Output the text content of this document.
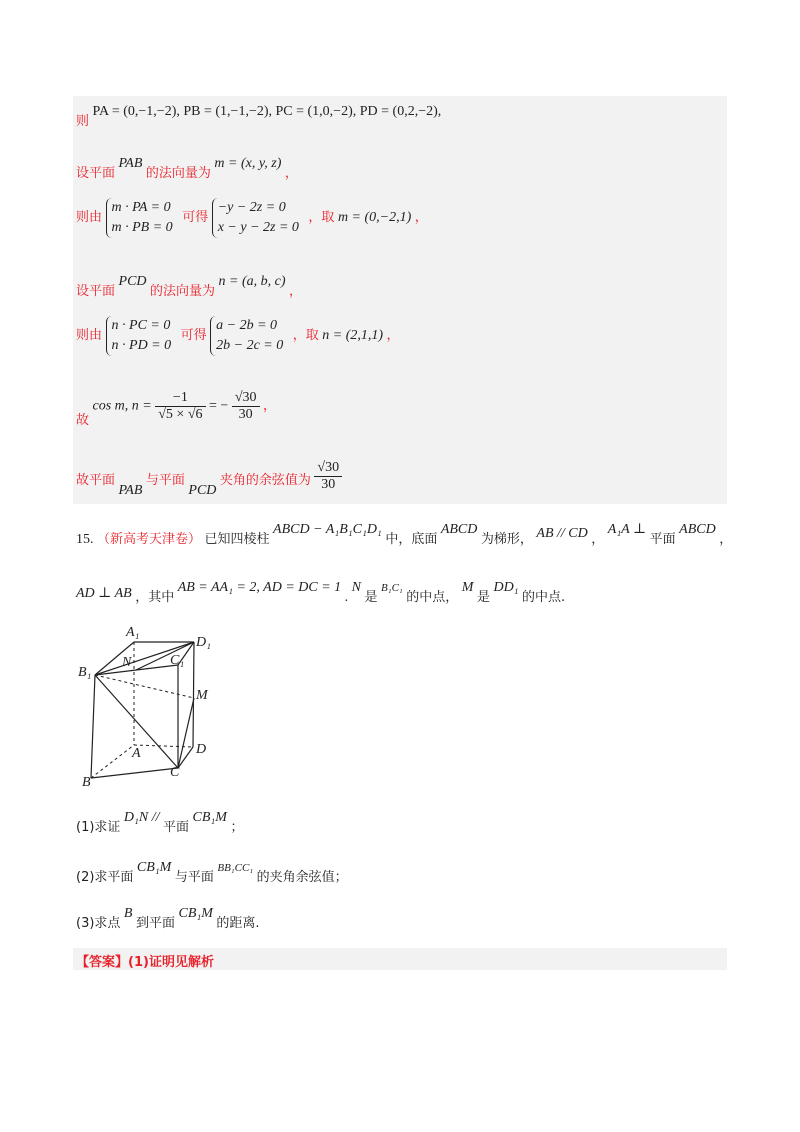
则 PA = (0,−1,−2), PB = (1,−1,−2), PC = (1,0,−2), PD = (0,2,−2),
设平面 PAB 的法向量为 m = (x, y, z) ，
则由
m · PA = 0
m · PB = 0
可得
−y − 2z = 0
x − y − 2z = 0
，取 m = (0,−2,1) ，
设平面 PCD 的法向量为 n = (a, b, c) ，
则由
n · PC = 0
n · PD = 0
可得
a − 2b = 0
2b − 2c = 0
，取 n = (2,1,1) ，
故 cos m, $n = \frac{-1}{√5 \times √6}$ = − $\frac{√30}{30}$ ，
故平面 PAB 与平面 PCD 夹角的余弦值为 $\frac{√30}{30}$
15. （新高考天津卷） 已知四棱柱 ABCD − A₁B₁C₁D₁ 中，底面 ABCD 为梯形， AB // CD ， A₁A ⊥ 平面 ABCD ，
AD ⊥ AB ，其中 AB = AA₁ = 2, AD = DC = 1 . N 是 B₁C₁ 的中点， M 是 DD₁ 的中点.
A₁
D₁
B₁
N	C₁
M
D
A
C
B
(1)求证 D₁N // 平面 CB₁M ；
(2)求平面 CB₁M 与平面 BB₁CC₁ 的夹角余弦值；
(3)求点 B 到平面 CB₁M 的距离.
【答案】(1)证明见解析
